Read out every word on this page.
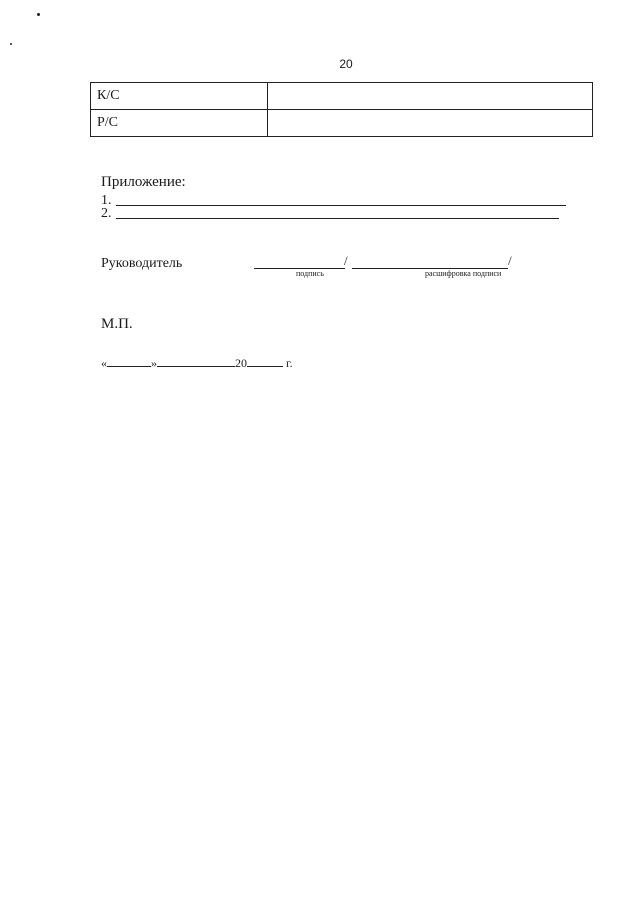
20
К/С	
Р/С	
Приложение:
1.
2.
Руководитель	/	/
подпись	расшифровка подписи
М.П.
«	»	20	г.
